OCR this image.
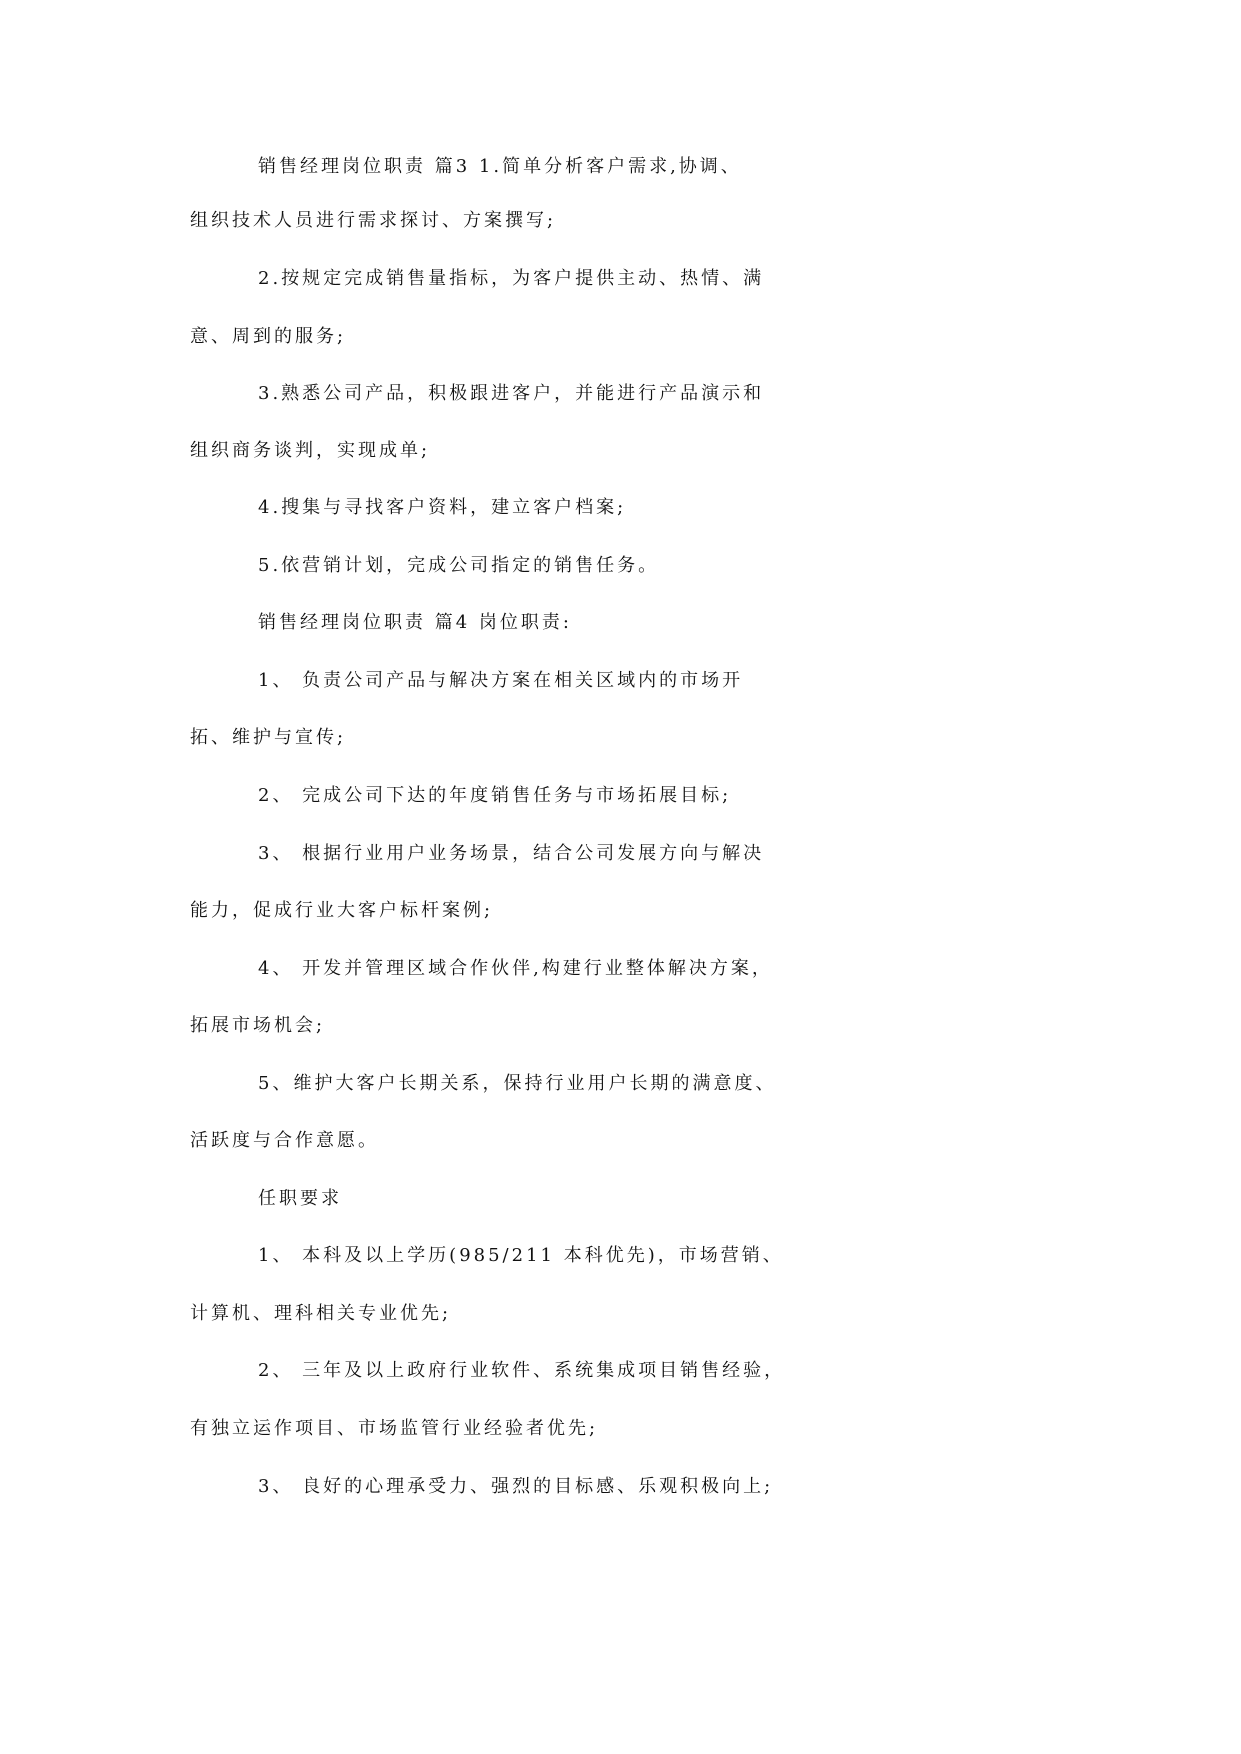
销售经理岗位职责 篇3 1.简单分析客户需求,协调、
组织技术人员进行需求探讨、方案撰写;
2.按规定完成销售量指标，为客户提供主动、热情、满
意、周到的服务;
3.熟悉公司产品，积极跟进客户，并能进行产品演示和
组织商务谈判，实现成单;
4.搜集与寻找客户资料，建立客户档案;
5.依营销计划，完成公司指定的销售任务。
销售经理岗位职责 篇4 岗位职责:
1、 负责公司产品与解决方案在相关区域内的市场开
拓、维护与宣传;
2、 完成公司下达的年度销售任务与市场拓展目标;
3、 根据行业用户业务场景，结合公司发展方向与解决
能力，促成行业大客户标杆案例;
4、 开发并管理区域合作伙伴,构建行业整体解决方案，
拓展市场机会;
5、维护大客户长期关系，保持行业用户长期的满意度、
活跃度与合作意愿。
任职要求
1、 本科及以上学历(985/211 本科优先)，市场营销、
计算机、理科相关专业优先;
2、 三年及以上政府行业软件、系统集成项目销售经验，
有独立运作项目、市场监管行业经验者优先;
3、 良好的心理承受力、强烈的目标感、乐观积极向上;
